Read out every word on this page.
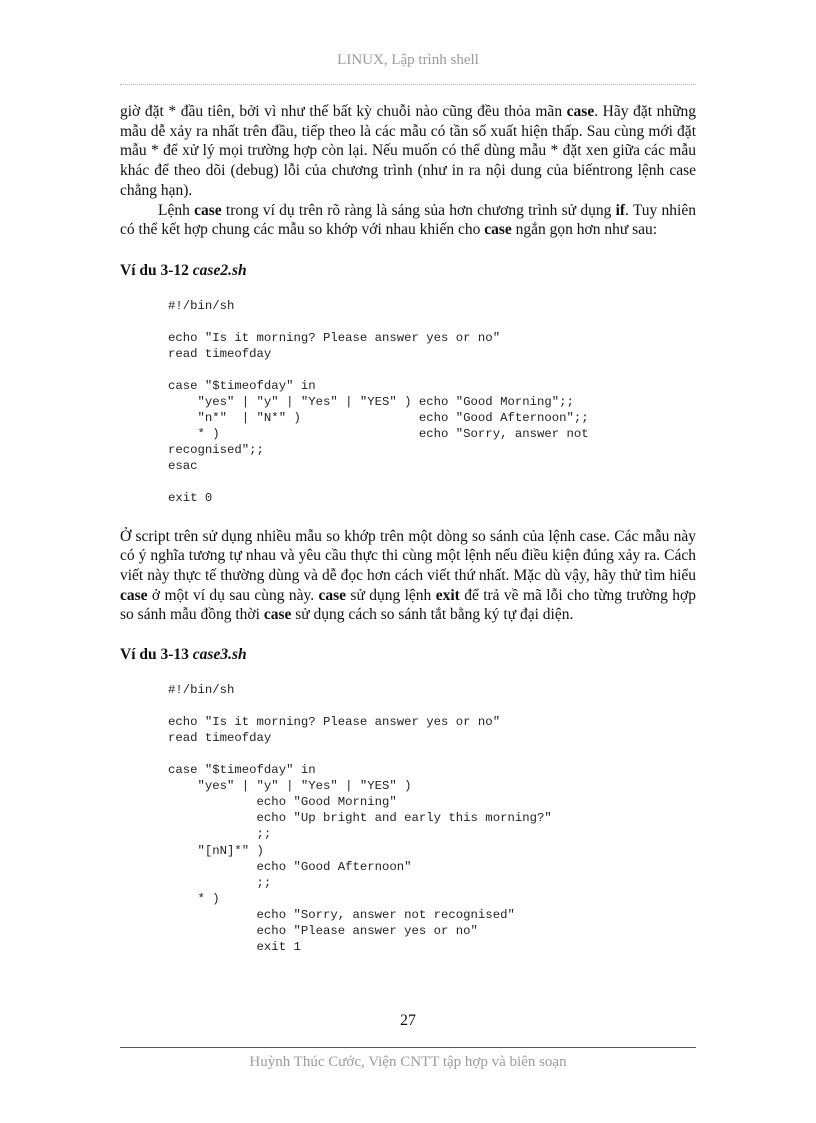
LINUX, Lập trình shell

giờ đặt * đầu tiên, bởi vì như thế bất kỳ chuỗi nào cũng đều thỏa mãn case. Hãy đặt những mẫu dễ xảy ra nhất trên đầu, tiếp theo là các mẫu có tần số xuất hiện thấp. Sau cùng mới đặt mẫu * để xử lý mọi trường hợp còn lại. Nếu muốn có thể dùng mẫu * đặt xen giữa các mẫu khác để theo dõi (debug) lỗi của chương trình (như in ra nội dung của biếntrong lệnh case chẳng hạn).

Lệnh case trong ví dụ trên rõ ràng là sáng sủa hơn chương trình sử dụng if. Tuy nhiên có thể kết hợp chung các mẫu so khớp với nhau khiến cho case ngắn gọn hơn như sau:

Ví du 3-12 case2.sh

#!/bin/sh

echo "Is it morning? Please answer yes or no"
read timeofday

case "$timeofday" in
"yes" | "y" | "Yes" | "YES" ) echo "Good Morning";;
"n*"  | "N*" )                echo "Good Afternoon";;
* )                           echo "Sorry, answer not
recognised";;
esac

exit 0

Ở script trên sử dụng nhiều mẫu so khớp trên một dòng so sánh của lệnh case. Các mẫu này có ý nghĩa tương tự nhau và yêu cầu thực thi cùng một lệnh nếu điều kiện đúng xảy ra. Cách viết này thực tế thường dùng và dễ đọc hơn cách viết thứ nhất. Mặc dù vậy, hãy thử tìm hiểu case ở một ví dụ sau cùng này. case sử dụng lệnh exit để trả về mã lỗi cho từng trường hợp so sánh mẫu đồng thời case sử dụng cách so sánh tắt bằng ký tự đại diện.

Ví du 3-13 case3.sh

#!/bin/sh

echo "Is it morning? Please answer yes or no"
read timeofday

case "$timeofday" in
"yes" | "y" | "Yes" | "YES" )
echo "Good Morning"
echo "Up bright and early this morning?"
;;
"[nN]*" )
echo "Good Afternoon"
;;
* )
echo "Sorry, answer not recognised"
echo "Please answer yes or no"
exit 1
27
Huỳnh Thúc Cước, Viện CNTT tập hợp và biên soạn
